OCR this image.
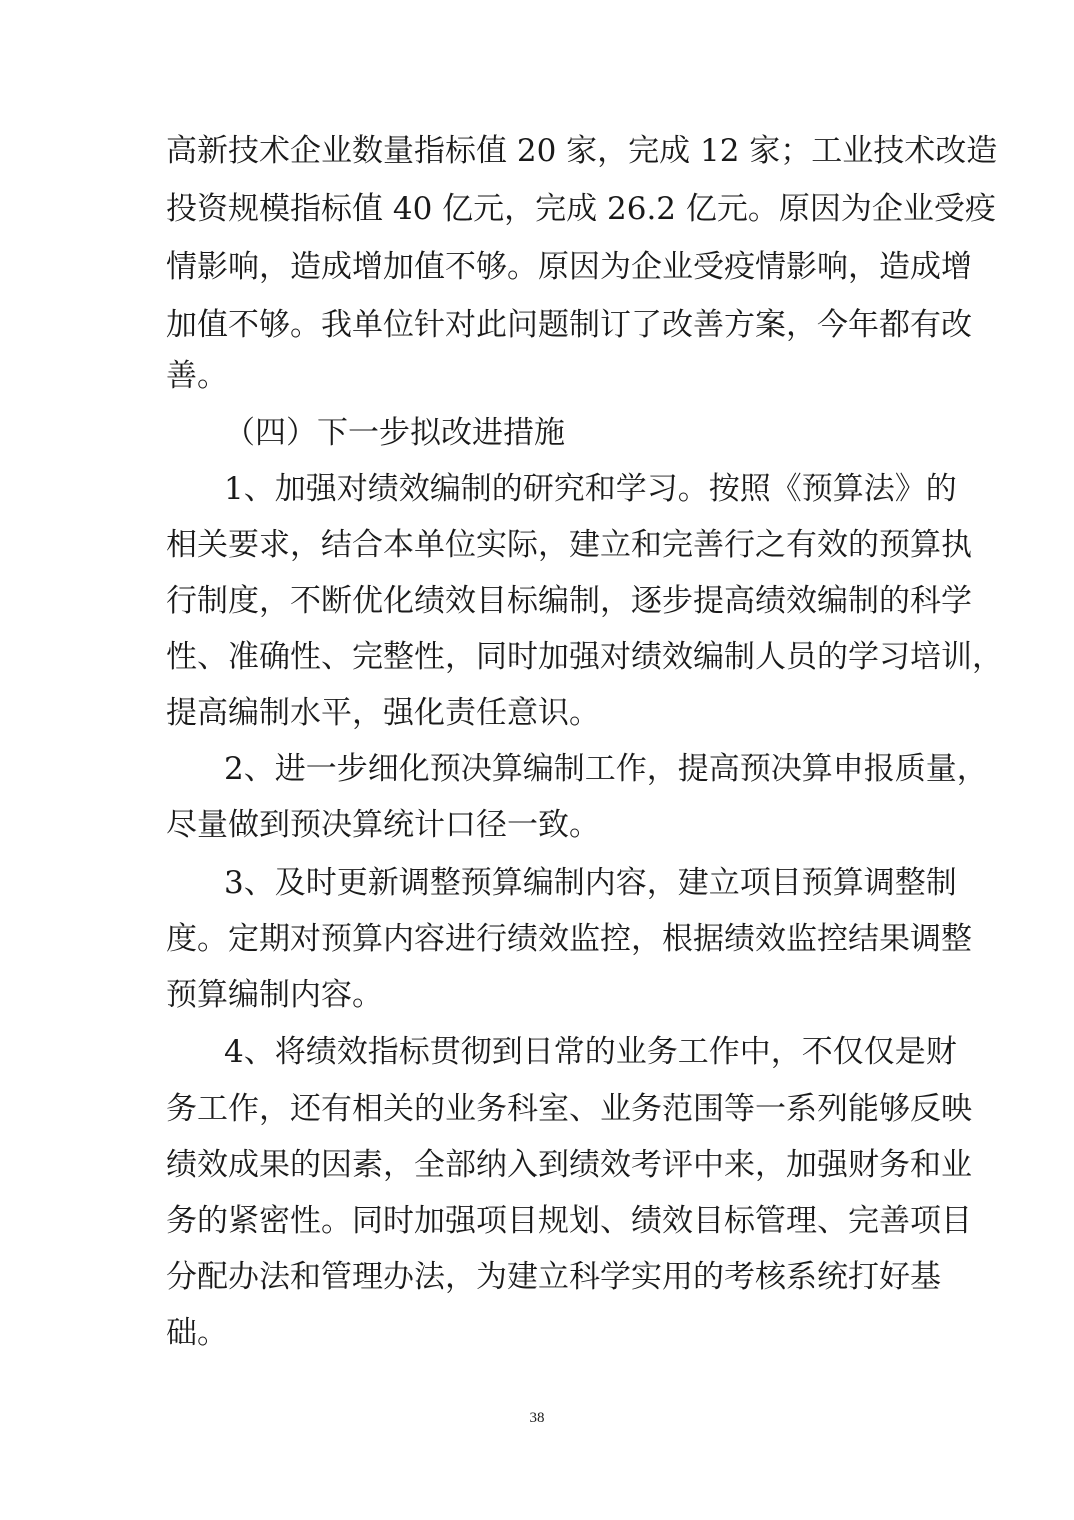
高新技术企业数量指标值 20 家，完成 12 家；工业技术改造
投资规模指标值 40 亿元，完成 26.2 亿元。原因为企业受疫
情影响，造成增加值不够。原因为企业受疫情影响，造成增
加值不够。我单位针对此问题制订了改善方案，今年都有改
善。
（四）下一步拟改进措施
1、加强对绩效编制的研究和学习。按照《预算法》的
相关要求，结合本单位实际，建立和完善行之有效的预算执
行制度，不断优化绩效目标编制，逐步提高绩效编制的科学
性、准确性、完整性，同时加强对绩效编制人员的学习培训，
提高编制水平，强化责任意识。
2、进一步细化预决算编制工作，提高预决算申报质量，
尽量做到预决算统计口径一致。
3、及时更新调整预算编制内容，建立项目预算调整制
度。定期对预算内容进行绩效监控，根据绩效监控结果调整
预算编制内容。
4、将绩效指标贯彻到日常的业务工作中，不仅仅是财
务工作，还有相关的业务科室、业务范围等一系列能够反映
绩效成果的因素，全部纳入到绩效考评中来，加强财务和业
务的紧密性。同时加强项目规划、绩效目标管理、完善项目
分配办法和管理办法，为建立科学实用的考核系统打好基
础。
38
